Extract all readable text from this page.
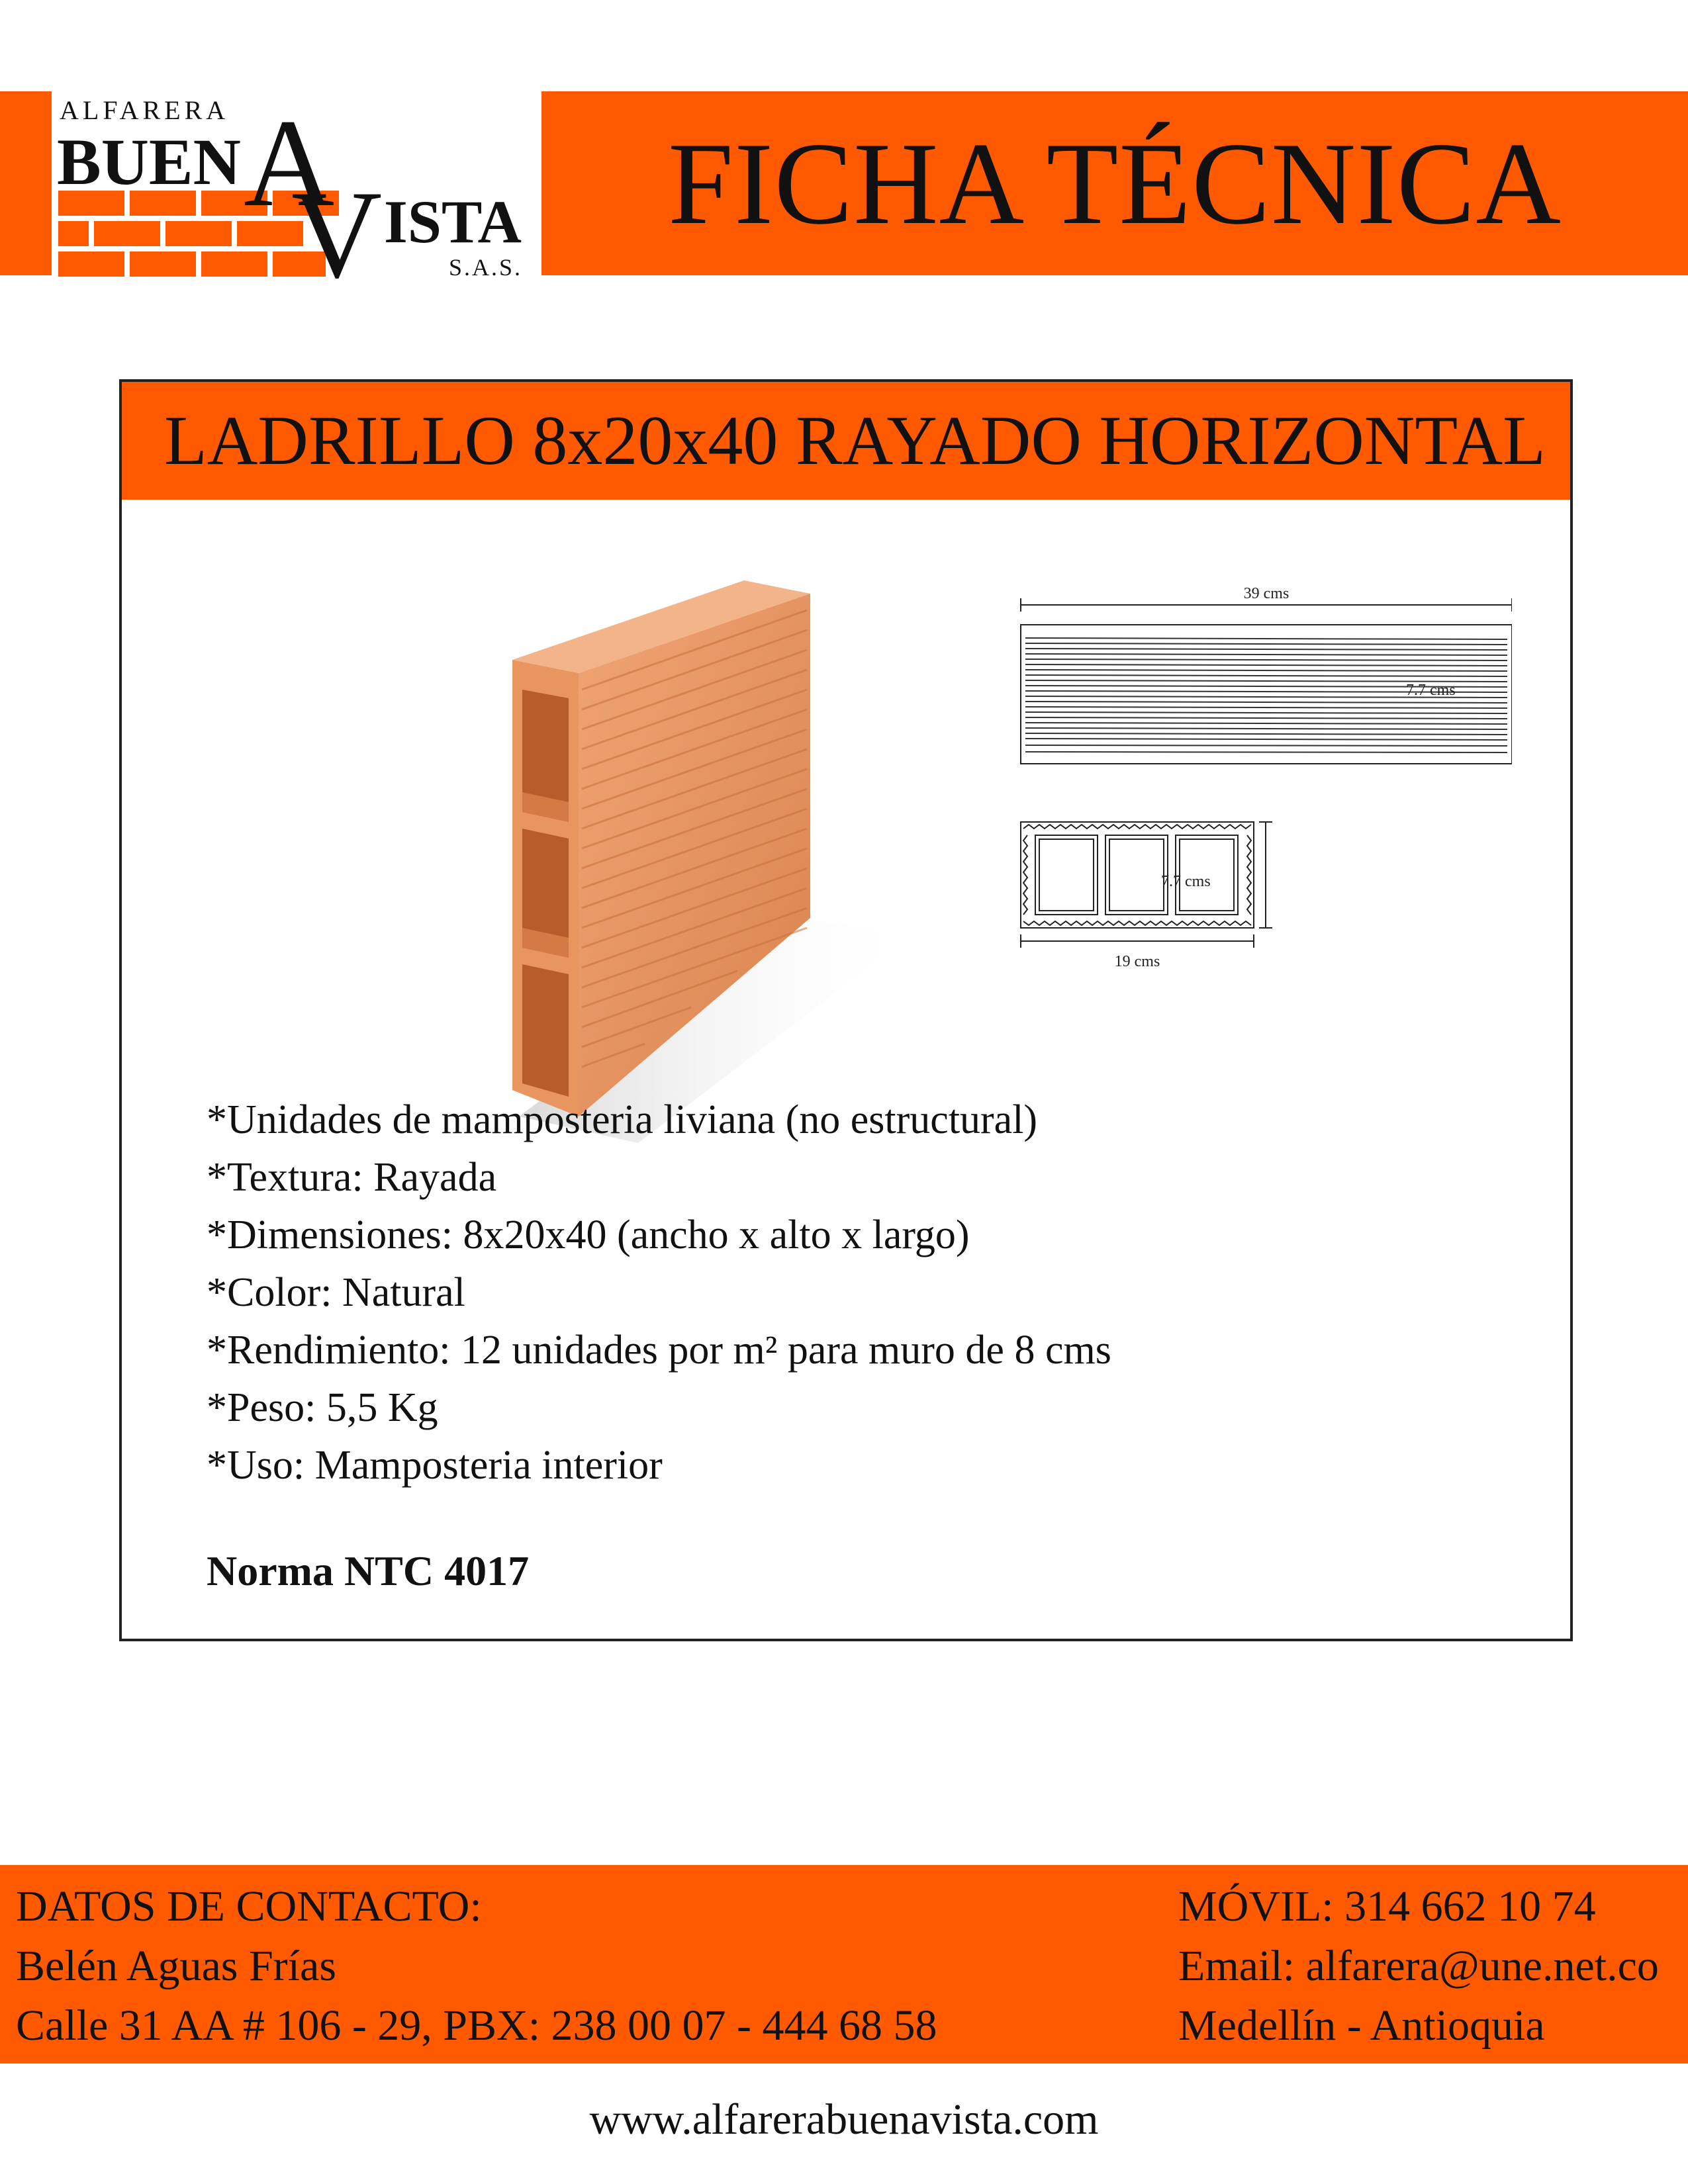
ALFARERA
BUEN A
V ISTA
S.A.S.
FICHA TÉCNICA
LADRILLO 8x20x40 RAYADO HORIZONTAL
39 cms
7.7 cms
19 cms
7.7 cms
*Unidades de mamposteria liviana (no estructural)
*Textura: Rayada
*Dimensiones: 8x20x40 (ancho x alto x largo)
*Color: Natural
*Rendimiento: 12 unidades por m² para muro de 8 cms
*Peso: 5,5 Kg
*Uso: Mamposteria interior
Norma NTC 4017
DATOS DE CONTACTO:
Belén Aguas Frías
Calle 31 AA # 106 - 29, PBX: 238 00 07 - 444 68 58
MÓVIL: 314 662 10 74
Email: alfarera@une.net.co
Medellín - Antioquia
www.alfarerabuenavista.com
